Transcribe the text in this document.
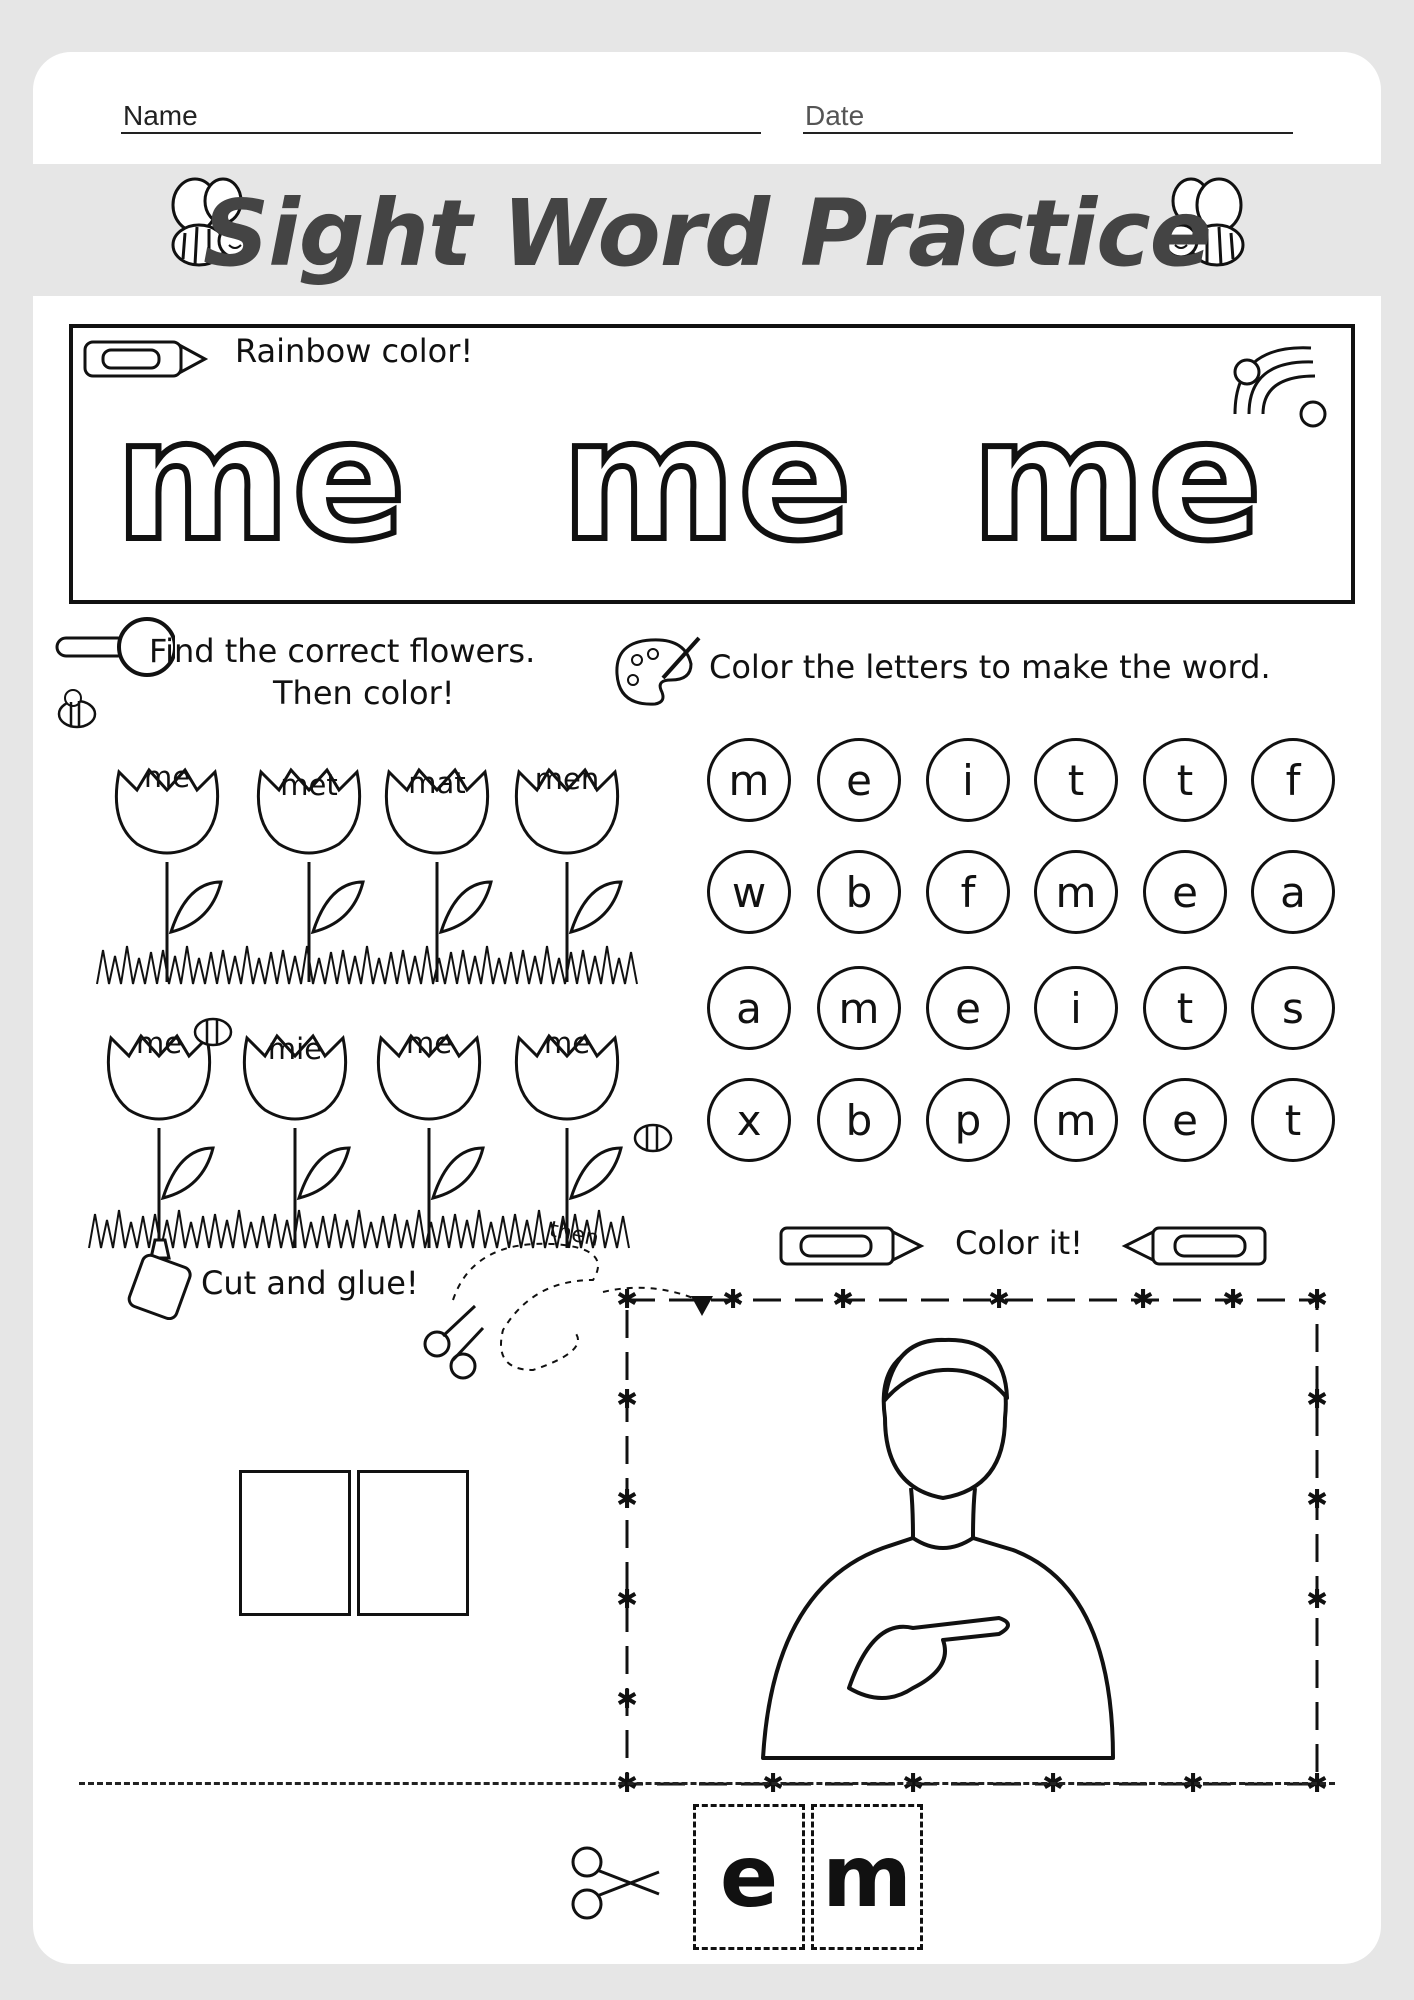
Name	Date
Sight Word Practice
Rainbow color!
me me me
Find the correct flowers.
Then color!
me	met	mat	men
me	mie	me	me
Color the letters to make the word.
m	e	i	t	t	f
w	b	f	m	e	a
a	m	e	i	t	s
x	b	p	m	e	t
Cut and glue!
then	Color it!
✱	✱	✱	✱	✱	✱ ✱
✱
✱
✱
✱
✱
✱
✱
✱	✱	✱	✱	✱	✱
e m
